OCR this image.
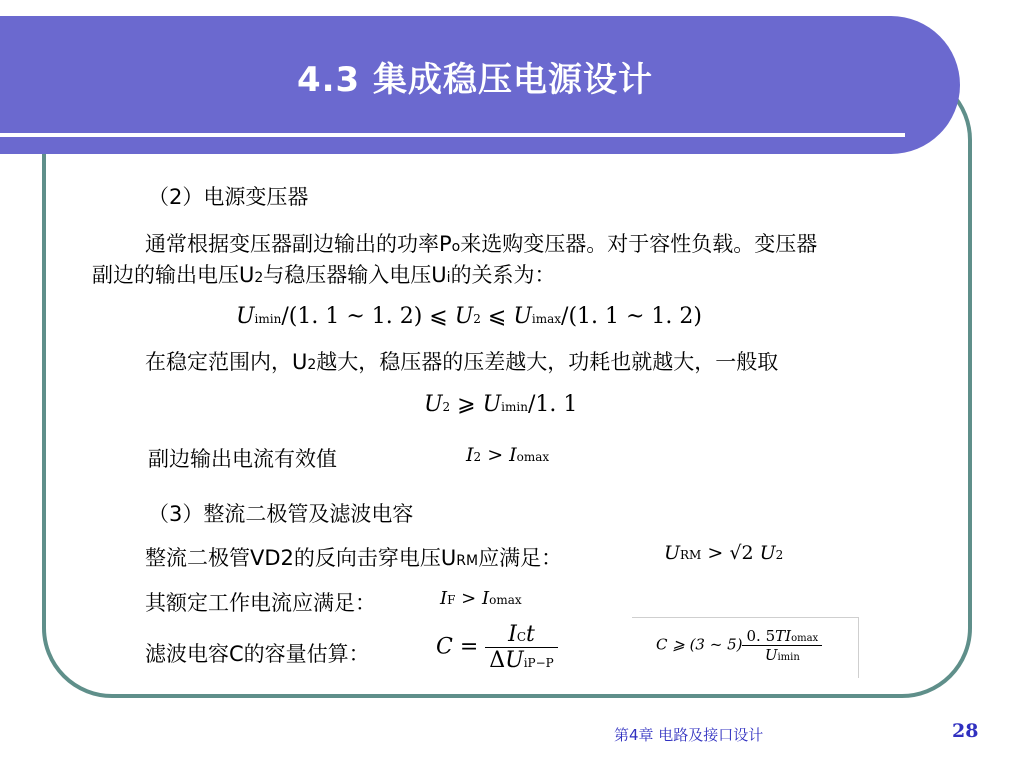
4.3 集成稳压电源设计
（2）电源变压器
通常根据变压器副边输出的功率Po来选购变压器。对于容性负载。变压器
副边的输出电压U2与稳压器输入电压Ui的关系为：
Uimin/(1. 1 ~ 1. 2) ⩽ U2 ⩽ Uimax/(1. 1 ~ 1. 2)
在稳定范围内，U2越大，稳压器的压差越大，功耗也就越大，一般取
U2 ⩾ Uimin/1. 1
副边输出电流有效值	I2 > Iomax
（3）整流二极管及滤波电容
整流二极管VD2的反向击穿电压URM应满足：	URM > √2 U2
其额定工作电流应满足：	IF > Iomax
滤波电容C的容量估算：	$C = \frac{\text{ICt}}{\text{ΔUiP−P}}$	C ⩾ (3 ~ $5) \frac{\text{0. 5TIomax}}{Uimin}$
第4章 电路及接口设计	28
